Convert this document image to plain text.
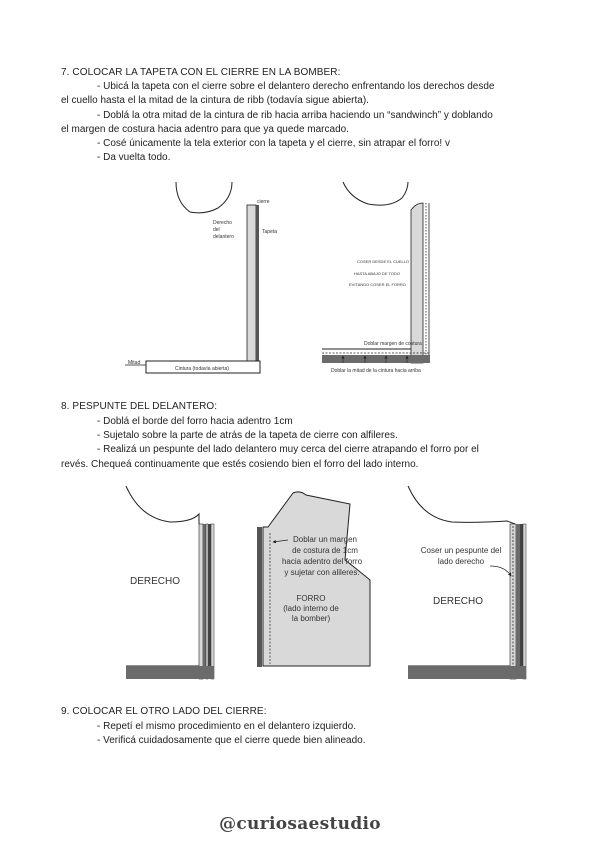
7. COLOCAR LA TAPETA CON EL CIERRE EN LA BOMBER:
- Ubicá la tapeta con el cierre sobre el delantero derecho enfrentando los derechos desde
el cuello hasta el la mitad de la cintura de ribb (todavía sigue abierta).
- Doblá la otra mitad de la cintura de rib hacia arriba haciendo un “sandwinch” y doblando
el margen de costura hacia adentro para que ya quede marcado.
- Cosé únicamente la tela exterior con la tapeta y el cierre, sin atrapar el forro! v
- Da vuelta todo.
8. PESPUNTE DEL DELANTERO:
- Doblá el borde del forro hacia adentro 1cm
- Sujetalo sobre la parte de atrás de la tapeta de cierre con alfileres.
- Realizá un pespunte del lado delantero muy cerca del cierre atrapando el forro por el
revés. Chequeá continuamente que estés cosiendo bien el forro del lado interno.
9. COLOCAR EL OTRO LADO DEL CIERRE:
- Repetí el mismo procedimiento en el delantero izquierdo.
- Verificá cuidadosamente que el cierre quede bien alineado.
cierre
Derecho
del
delantero
Tapeta
Mitad
Cintura (todavía abierta)
COSER DESDE EL CUELLO
HASTA ABAJO DE TODO
EVITANDO COSER EL FORRO
Doblar margen de costura
Doblar la mitad de la cintura hacia arriba
DERECHO
Doblar un margen
de costura de 1cm
hacia adentro del forro
y sujetar con alileres.
FORRO
(lado interno de
la bomber)
Coser un pespunte del
lado derecho
DERECHO
@curiosaestudio
